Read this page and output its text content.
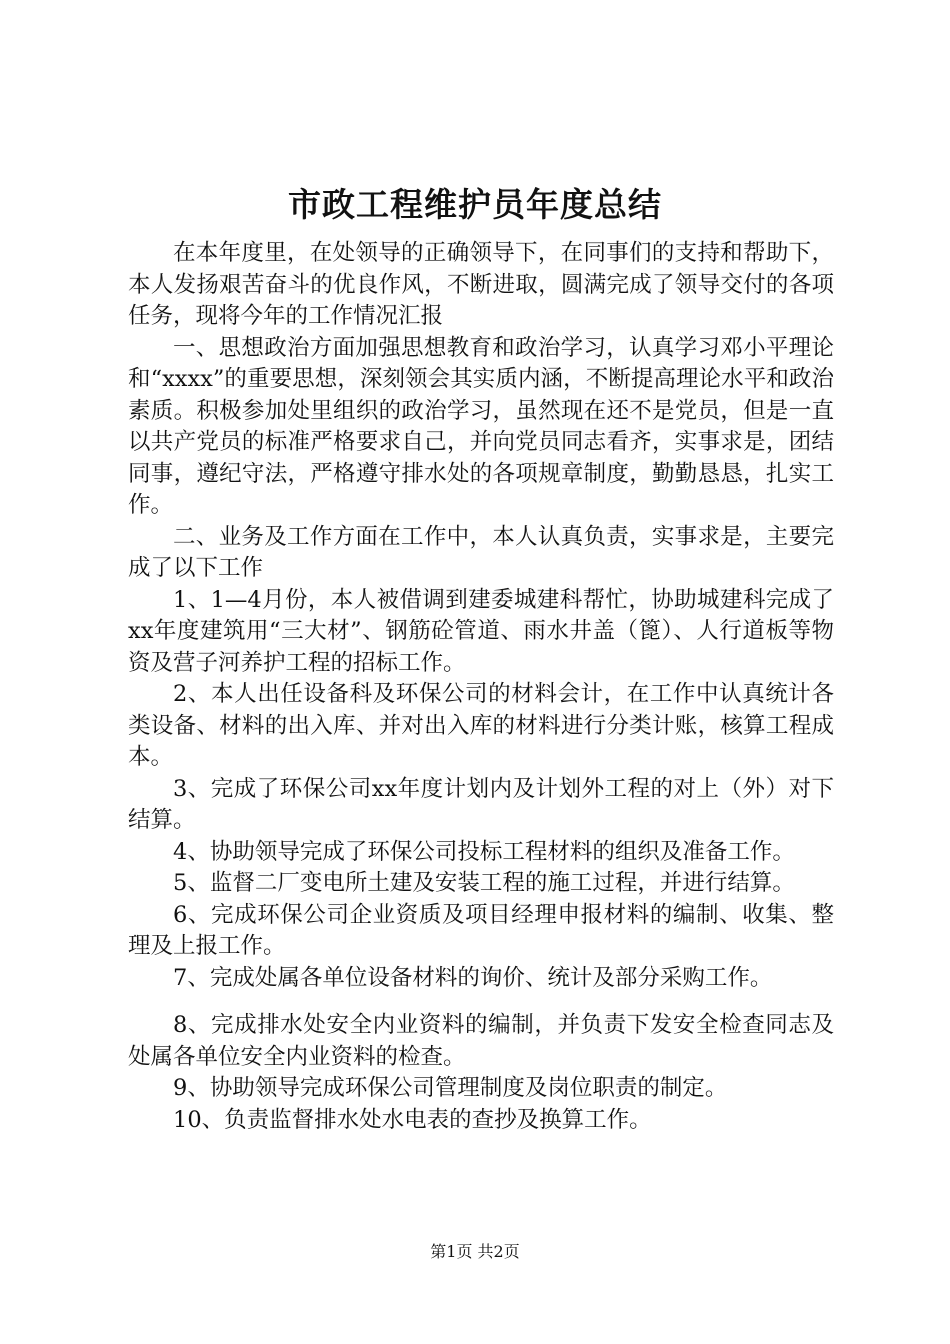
市政工程维护员年度总结

在本年度里，在处领导的正确领导下，在同事们的支持和帮助下，本人发扬艰苦奋斗的优良作风，不断进取，圆满完成了领导交付的各项任务，现将今年的工作情况汇报

一、思想政治方面加强思想教育和政治学习，认真学习邓小平理论和“xxxx”的重要思想，深刻领会其实质内涵，不断提高理论水平和政治素质。积极参加处里组织的政治学习，虽然现在还不是党员，但是一直以共产党员的标准严格要求自己，并向党员同志看齐，实事求是，团结同事，遵纪守法，严格遵守排水处的各项规章制度，勤勤恳恳，扎实工作。

二、业务及工作方面在工作中，本人认真负责，实事求是，主要完成了以下工作

1、1—4月份，本人被借调到建委城建科帮忙，协助城建科完成了xx年度建筑用“三大材”、钢筋砼管道、雨水井盖（篦）、人行道板等物资及营子河养护工程的招标工作。

2、本人出任设备科及环保公司的材料会计，在工作中认真统计各类设备、材料的出入库、并对出入库的材料进行分类计账，核算工程成本。

3、完成了环保公司xx年度计划内及计划外工程的对上（外）对下结算。

4、协助领导完成了环保公司投标工程材料的组织及准备工作。

5、监督二厂变电所土建及安装工程的施工过程，并进行结算。

6、完成环保公司企业资质及项目经理申报材料的编制、收集、整理及上报工作。

7、完成处属各单位设备材料的询价、统计及部分采购工作。

8、完成排水处安全内业资料的编制，并负责下发安全检查同志及处属各单位安全内业资料的检查。

9、协助领导完成环保公司管理制度及岗位职责的制定。

10、负责监督排水处水电表的查抄及换算工作。

第1页 共2页
